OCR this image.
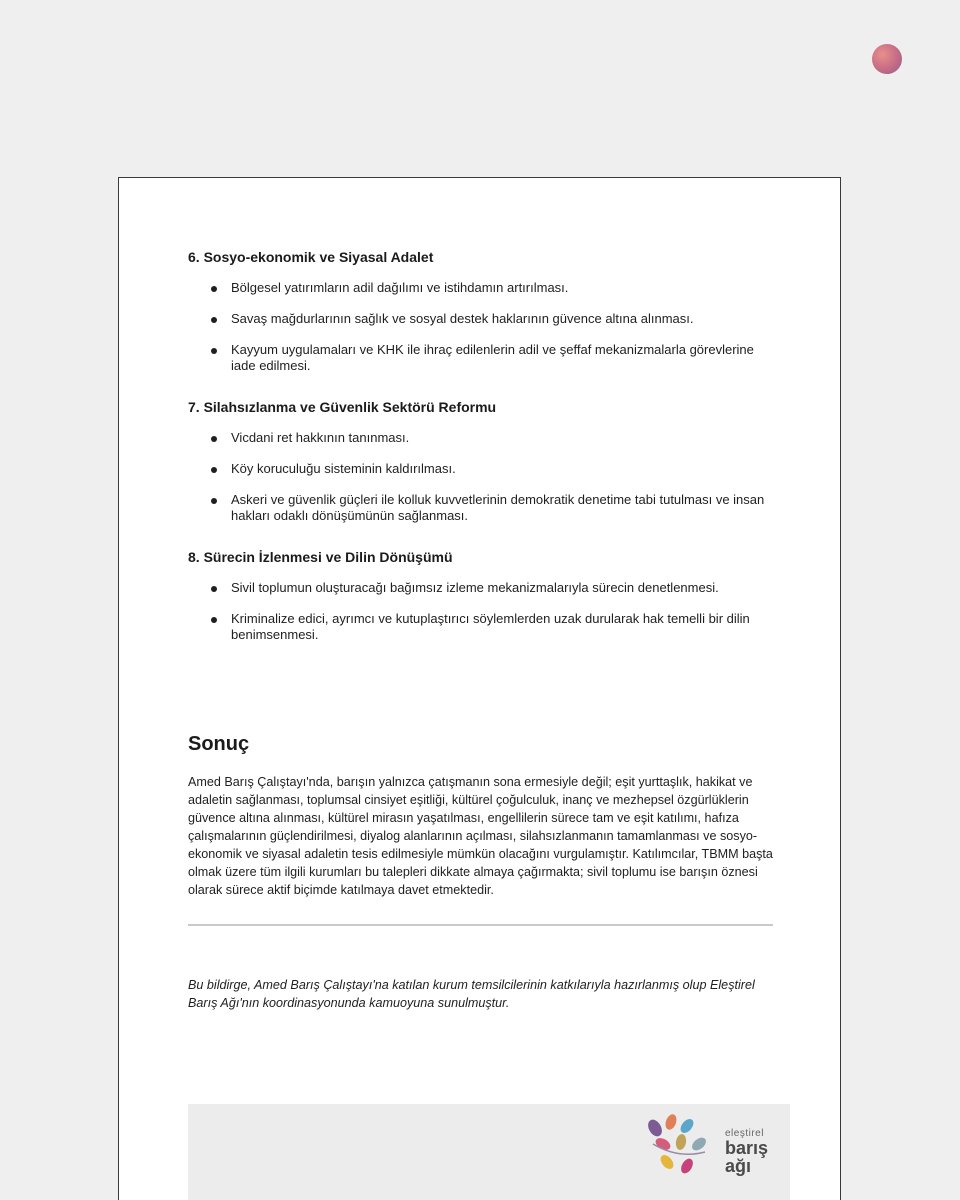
6. Sosyo-ekonomik ve Siyasal Adalet
Bölgesel yatırımların adil dağılımı ve istihdamın artırılması.
Savaş mağdurlarının sağlık ve sosyal destek haklarının güvence altına alınması.
Kayyum uygulamaları ve KHK ile ihraç edilenlerin adil ve şeffaf mekanizmalarla görevlerine iade edilmesi.
7. Silahsızlanma ve Güvenlik Sektörü Reformu
Vicdani ret hakkının tanınması.
Köy koruculuğu sisteminin kaldırılması.
Askeri ve güvenlik güçleri ile kolluk kuvvetlerinin demokratik denetime tabi tutulması ve insan hakları odaklı dönüşümünün sağlanması.
8. Sürecin İzlenmesi ve Dilin Dönüşümü
Sivil toplumun oluşturacağı bağımsız izleme mekanizmalarıyla sürecin denetlenmesi.
Kriminalize edici, ayrımcı ve kutuplaştırıcı söylemlerden uzak durularak hak temelli bir dilin benimsenmesi.
Sonuç

Amed Barış Çalıştayı'nda, barışın yalnızca çatışmanın sona ermesiyle değil; eşit yurttaşlık, hakikat ve adaletin sağlanması, toplumsal cinsiyet eşitliği, kültürel çoğulculuk, inanç ve mezhepsel özgürlüklerin güvence altına alınması, kültürel mirasın yaşatılması, engellilerin sürece tam ve eşit katılımı, hafıza çalışmalarının güçlendirilmesi, diyalog alanlarının açılması, silahsızlanmanın tamamlanması ve sosyo-ekonomik ve siyasal adaletin tesis edilmesiyle mümkün olacağını vurgulamıştır. Katılımcılar, TBMM başta olmak üzere tüm ilgili kurumları bu talepleri dikkate almaya çağırmakta; sivil toplumu ise barışın öznesi olarak sürece aktif biçimde katılmaya davet etmektedir.

Bu bildirge, Amed Barış Çalıştayı'na katılan kurum temsilcilerinin katkılarıyla hazırlanmış olup Eleştirel Barış Ağı'nın koordinasyonunda kamuoyuna sunulmuştur.

eleştirel
barış
ağı
